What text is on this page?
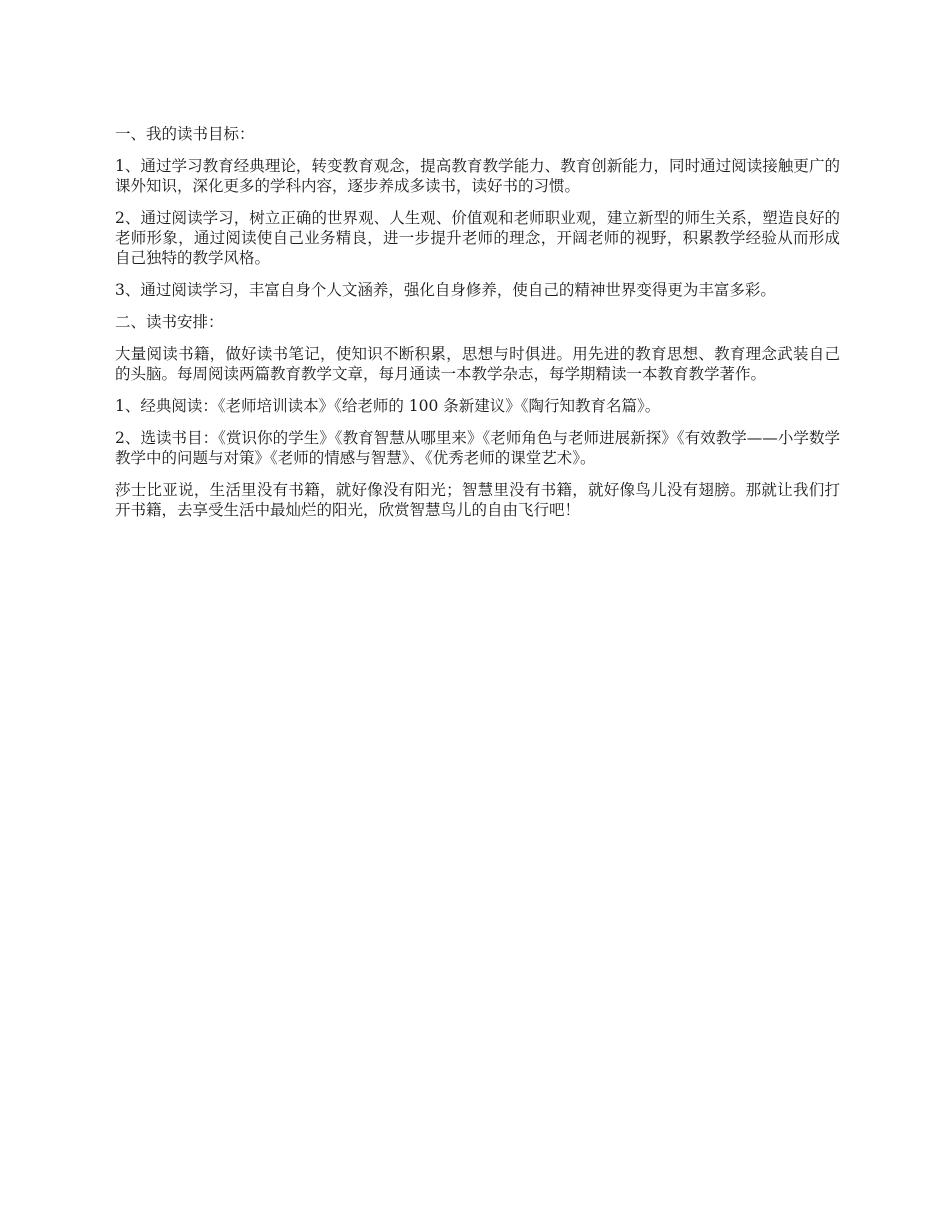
一、我的读书目标：

1、通过学习教育经典理论，转变教育观念，提高教育教学能力、教育创新能力，同时通过阅读接触更广的课外知识，深化更多的学科内容，逐步养成多读书，读好书的习惯。

2、通过阅读学习，树立正确的世界观、人生观、价值观和老师职业观，建立新型的师生关系，塑造良好的老师形象，通过阅读使自己业务精良，进一步提升老师的理念，开阔老师的视野，积累教学经验从而形成自己独特的教学风格。

3、通过阅读学习，丰富自身个人文涵养，强化自身修养，使自己的精神世界变得更为丰富多彩。

二、读书安排：

大量阅读书籍，做好读书笔记，使知识不断积累，思想与时俱进。用先进的教育思想、教育理念武装自己的头脑。每周阅读两篇教育教学文章，每月通读一本教学杂志，每学期精读一本教育教学著作。

1、经典阅读：《老师培训读本》《给老师的 100 条新建议》《陶行知教育名篇》。

2、选读书目：《赏识你的学生》《教育智慧从哪里来》《老师角色与老师进展新探》《有效教学——小学数学教学中的问题与对策》《老师的情感与智慧》、《优秀老师的课堂艺术》。

莎士比亚说，生活里没有书籍，就好像没有阳光；智慧里没有书籍，就好像鸟儿没有翅膀。那就让我们打开书籍，去享受生活中最灿烂的阳光，欣赏智慧鸟儿的自由飞行吧！
